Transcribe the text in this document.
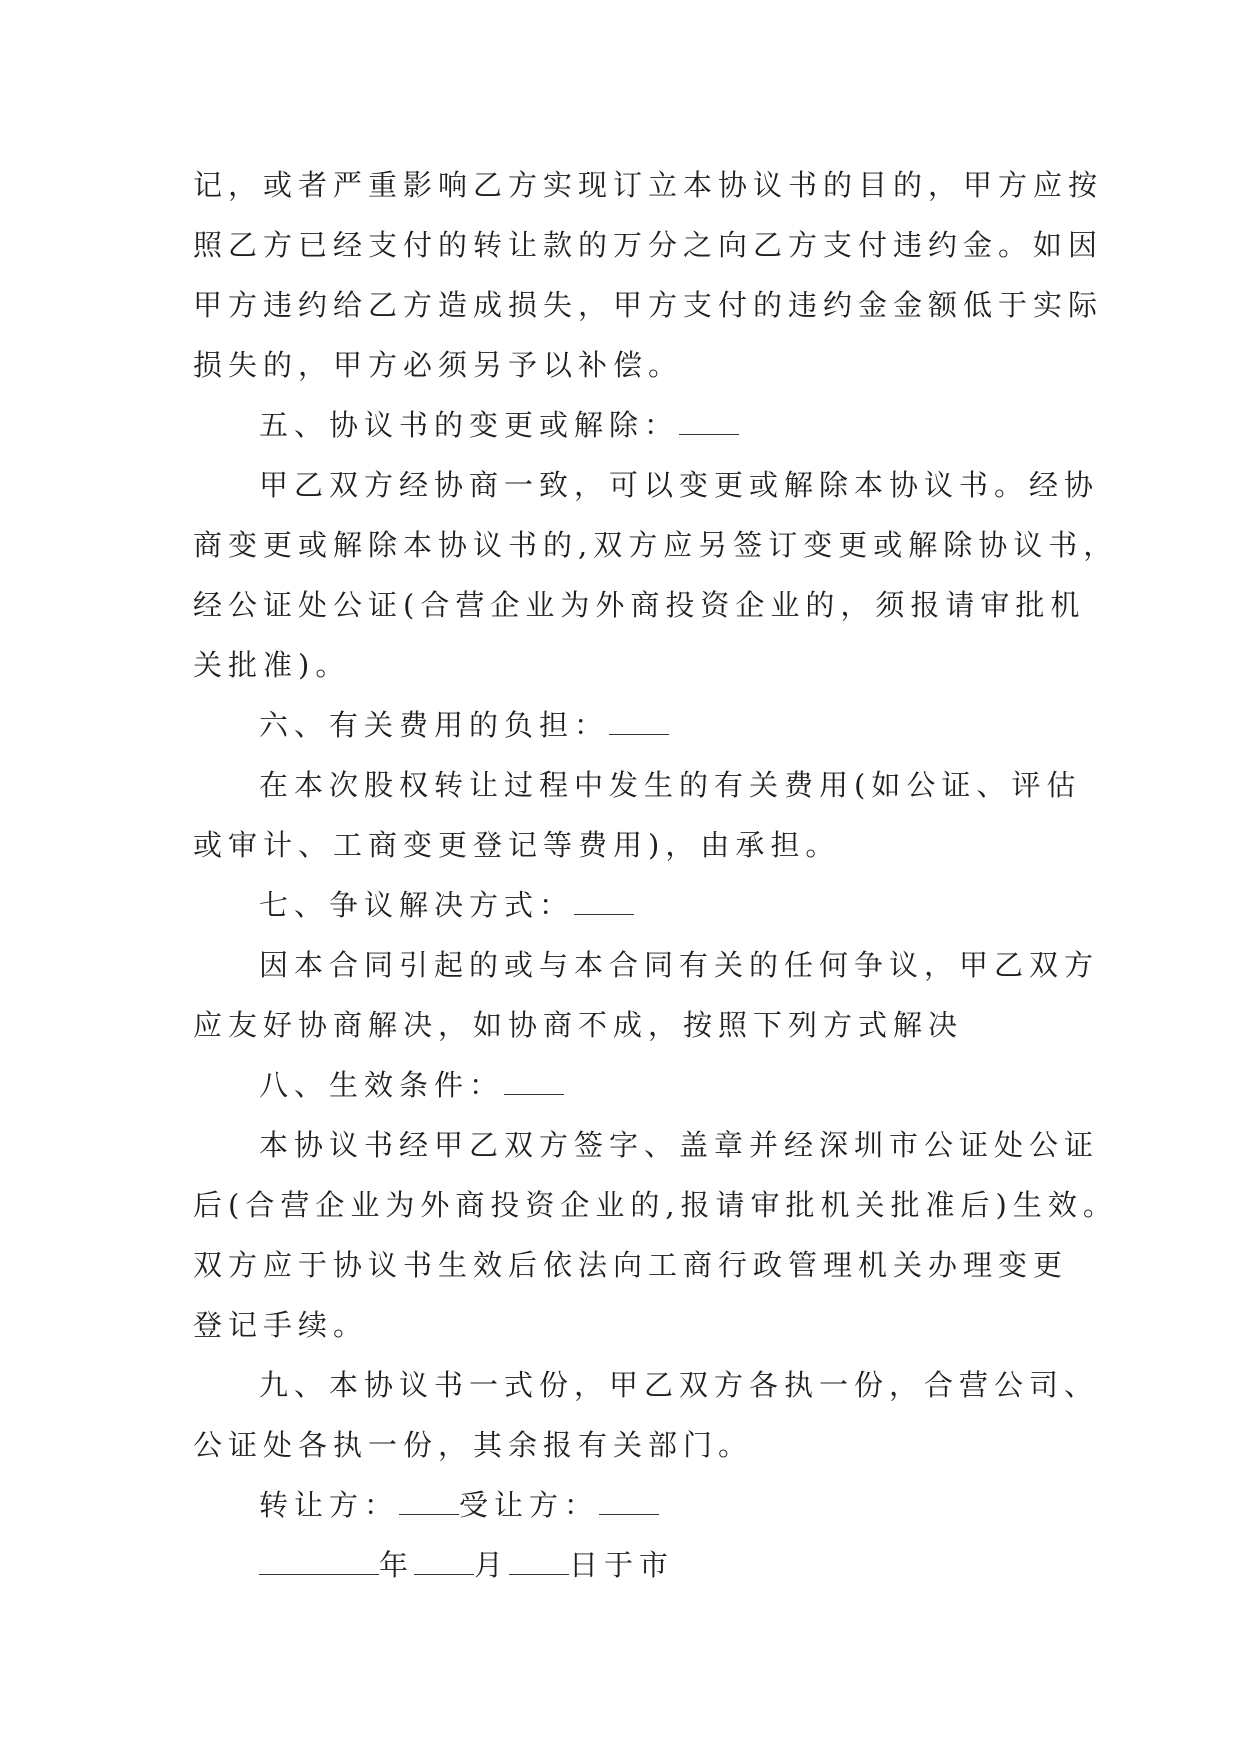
记，或者严重影响乙方实现订立本协议书的目的，甲方应按
照乙方已经支付的转让款的万分之向乙方支付违约金。如因
甲方违约给乙方造成损失，甲方支付的违约金金额低于实际
损失的，甲方必须另予以补偿。
五、协议书的变更或解除：
甲乙双方经协商一致，可以变更或解除本协议书。经协
商变更或解除本协议书的,双方应另签订变更或解除协议书，
经公证处公证(合营企业为外商投资企业的，须报请审批机
关批准)。
六、有关费用的负担：
在本次股权转让过程中发生的有关费用(如公证、评估
或审计、工商变更登记等费用)，由承担。
七、争议解决方式：
因本合同引起的或与本合同有关的任何争议，甲乙双方
应友好协商解决，如协商不成，按照下列方式解决
八、生效条件：
本协议书经甲乙双方签字、盖章并经深圳市公证处公证
后(合营企业为外商投资企业的,报请审批机关批准后)生效。
双方应于协议书生效后依法向工商行政管理机关办理变更
登记手续。
九、本协议书一式份，甲乙双方各执一份，合营公司、
公证处各执一份，其余报有关部门。
转让方： 受让方：
年 月 日于市
